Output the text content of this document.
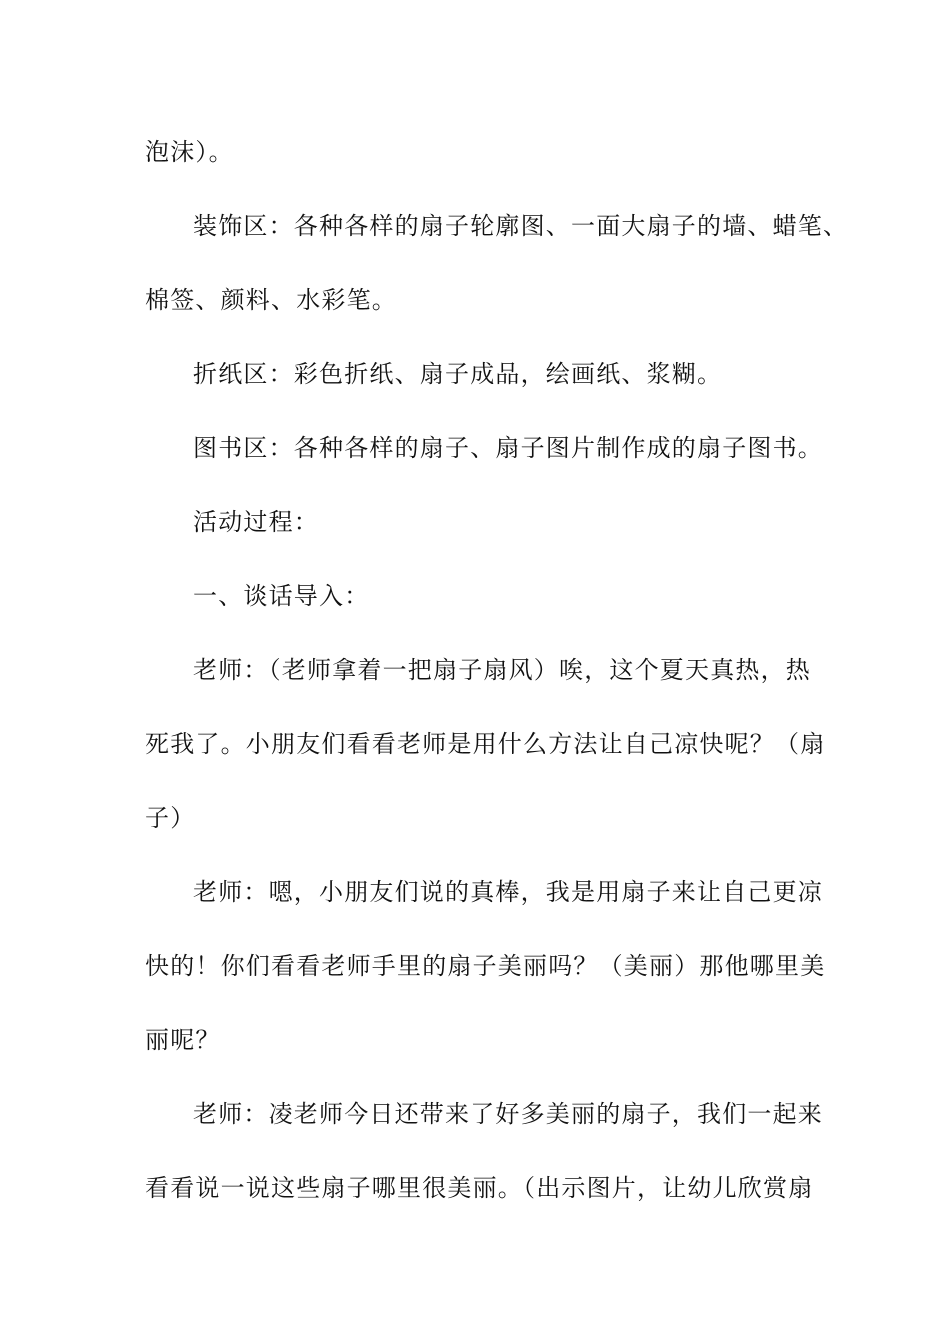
泡沫）。
装饰区：各种各样的扇子轮廓图、一面大扇子的墙、蜡笔、
棉签、颜料、水彩笔。
折纸区：彩色折纸、扇子成品，绘画纸、浆糊。
图书区：各种各样的扇子、扇子图片制作成的扇子图书。
活动过程：
一、谈话导入：
老师：（老师拿着一把扇子扇风）唉，这个夏天真热，热
死我了。小朋友们看看老师是用什么方法让自己凉快呢？（扇
子）
老师：嗯，小朋友们说的真棒，我是用扇子来让自己更凉
快的！你们看看老师手里的扇子美丽吗？（美丽）那他哪里美
丽呢？
老师：凌老师今日还带来了好多美丽的扇子，我们一起来
看看说一说这些扇子哪里很美丽。（出示图片，让幼儿欣赏扇
